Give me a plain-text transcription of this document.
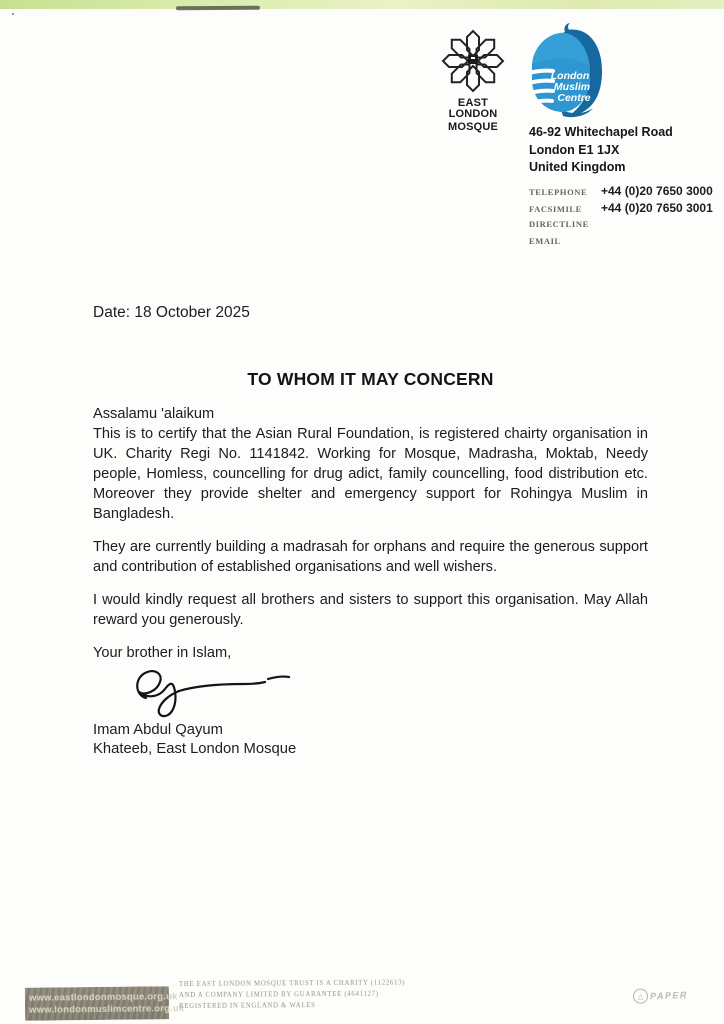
EAST LONDON
MOSQUE
London
Muslim
Centre
46-92 Whitechapel Road
London E1 1JX
United Kingdom
TELEPHONE	+44 (0)20 7650 3000
FACSIMILE	+44 (0)20 7650 3001
DIRECTLINE
EMAIL
Date: 18 October 2025
TO WHOM IT MAY CONCERN
Assalamu 'alaikum
This is to certify that the Asian Rural Foundation, is registered chairty organisation in
UK. Charity Regi No. 1141842. Working for Mosque, Madrasha, Moktab, Needy
people, Homless, councelling for drug adict, family councelling, food distribution etc.
Moreover they provide shelter and emergency support for Rohingya Muslim in
Bangladesh.
They are currently building a madrasah for orphans and require the generous support
and contribution of established organisations and well wishers.
I would kindly request all brothers and sisters to support this organisation. May Allah
reward you generously.
Your brother in Islam,
Imam Abdul Qayum
Khateeb, East London Mosque
www.eastlondonmosque.org.uk
www.londonmuslimcentre.org.uk
THE EAST LONDON MOSQUE TRUST IS A CHARITY (1122613)
AND A COMPANY LIMITED BY GUARANTEE (4641127)
REGISTERED IN ENGLAND & WALES
△ PAPER
